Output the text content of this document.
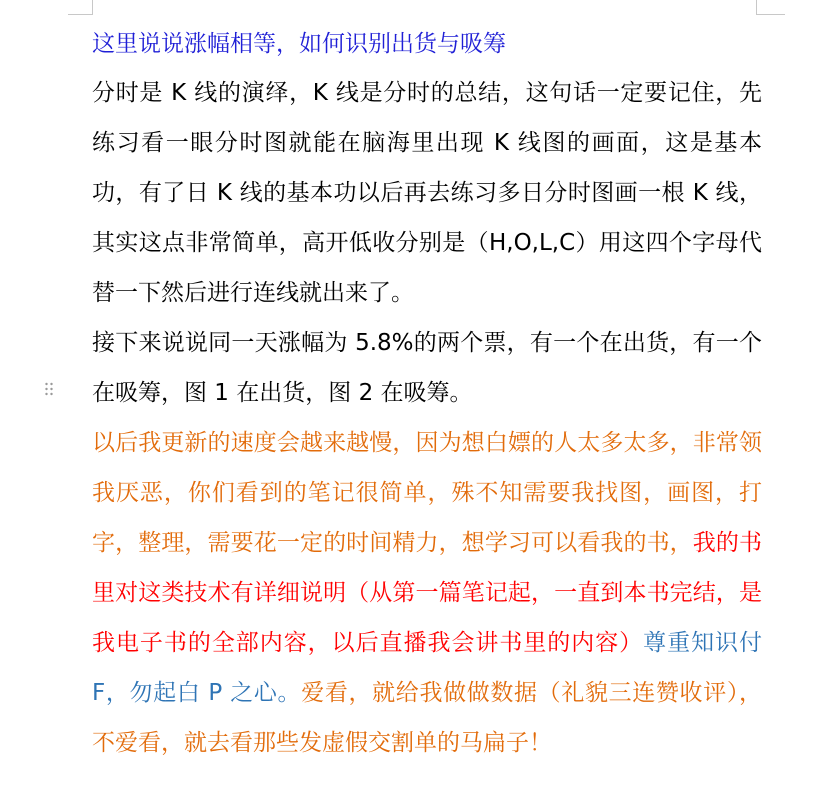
这里说说涨幅相等，如何识别出货与吸筹

分时是 K 线的演绎，K 线是分时的总结，这句话一定要记住，先练习看一眼分时图就能在脑海里出现 K 线图的画面，这是基本功，有了日 K 线的基本功以后再去练习多日分时图画一根 K 线，其实这点非常简单，高开低收分别是（H,O,L,C）用这四个字母代替一下然后进行连线就出来了。

接下来说说同一天涨幅为 5.8%的两个票，有一个在出货，有一个在吸筹，图 1 在出货，图 2 在吸筹。

以后我更新的速度会越来越慢，因为想白嫖的人太多太多，非常领我厌恶，你们看到的笔记很简单，殊不知需要我找图，画图，打字，整理，需要花一定的时间精力，想学习可以看我的书，我的书里对这类技术有详细说明（从第一篇笔记起，一直到本书完结，是我电子书的全部内容，以后直播我会讲书里的内容）尊重知识付 F，勿起白 P 之心。爱看，就给我做做数据（礼貌三连赞收评），不爱看，就去看那些发虚假交割单的马扁子！
